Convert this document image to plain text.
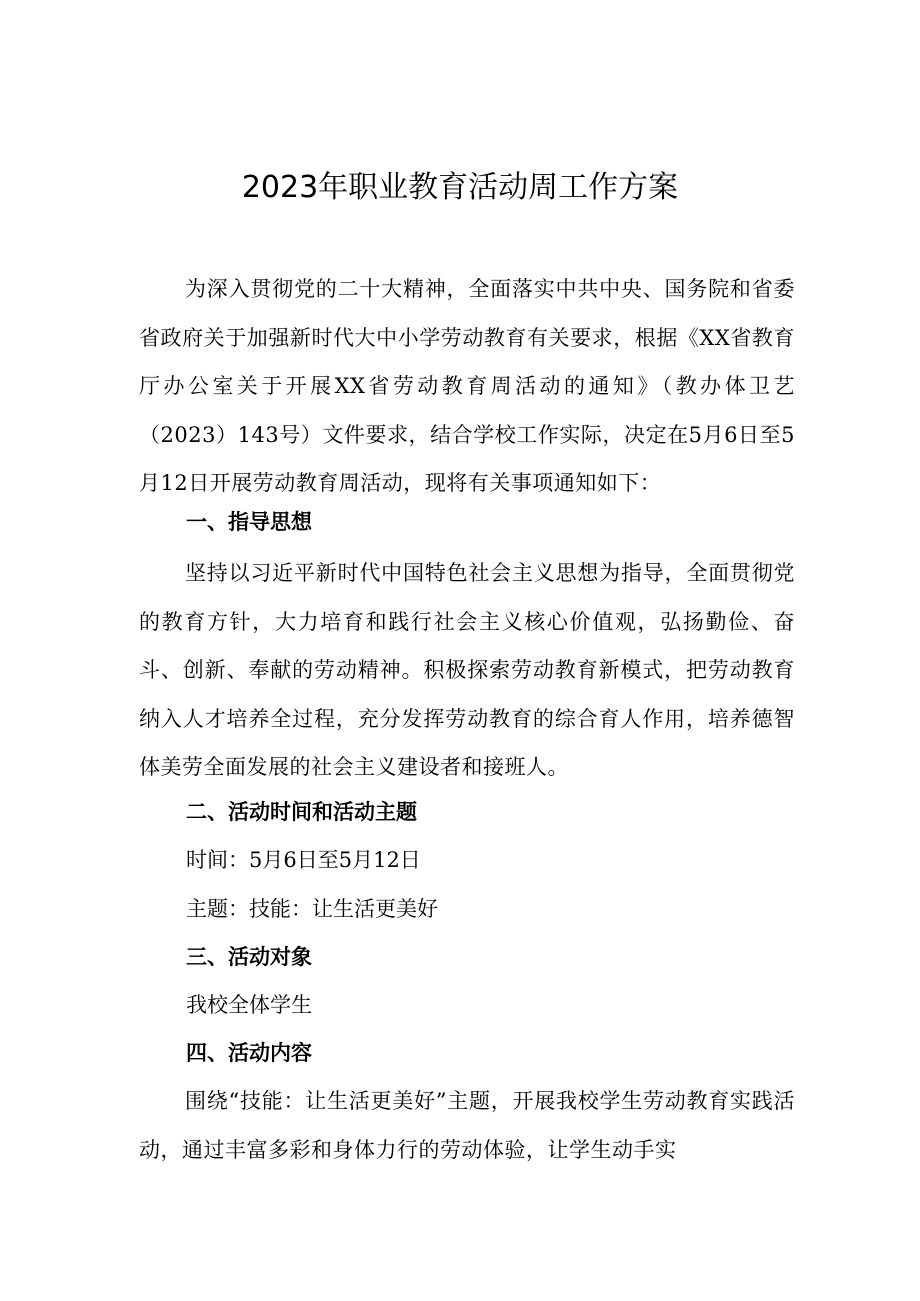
2023年职业教育活动周工作方案
为深入贯彻党的二十大精神，全面落实中共中央、国务院和省委省政府关于加强新时代大中小学劳动教育有关要求，根据《XX省教育厅办公室关于开展XX省劳动教育周活动的通知》（教办体卫艺（2023）143号）文件要求，结合学校工作实际，决定在5月6日至5月12日开展劳动教育周活动，现将有关事项通知如下：
一、指导思想
坚持以习近平新时代中国特色社会主义思想为指导，全面贯彻党的教育方针，大力培育和践行社会主义核心价值观，弘扬勤俭、奋斗、创新、奉献的劳动精神。积极探索劳动教育新模式，把劳动教育纳入人才培养全过程，充分发挥劳动教育的综合育人作用，培养德智体美劳全面发展的社会主义建设者和接班人。
二、活动时间和活动主题
时间：5月6日至5月12日
主题：技能：让生活更美好
三、活动对象
我校全体学生
四、活动内容
围绕“技能：让生活更美好”主题，开展我校学生劳动教育实践活动，通过丰富多彩和身体力行的劳动体验，让学生动手实
